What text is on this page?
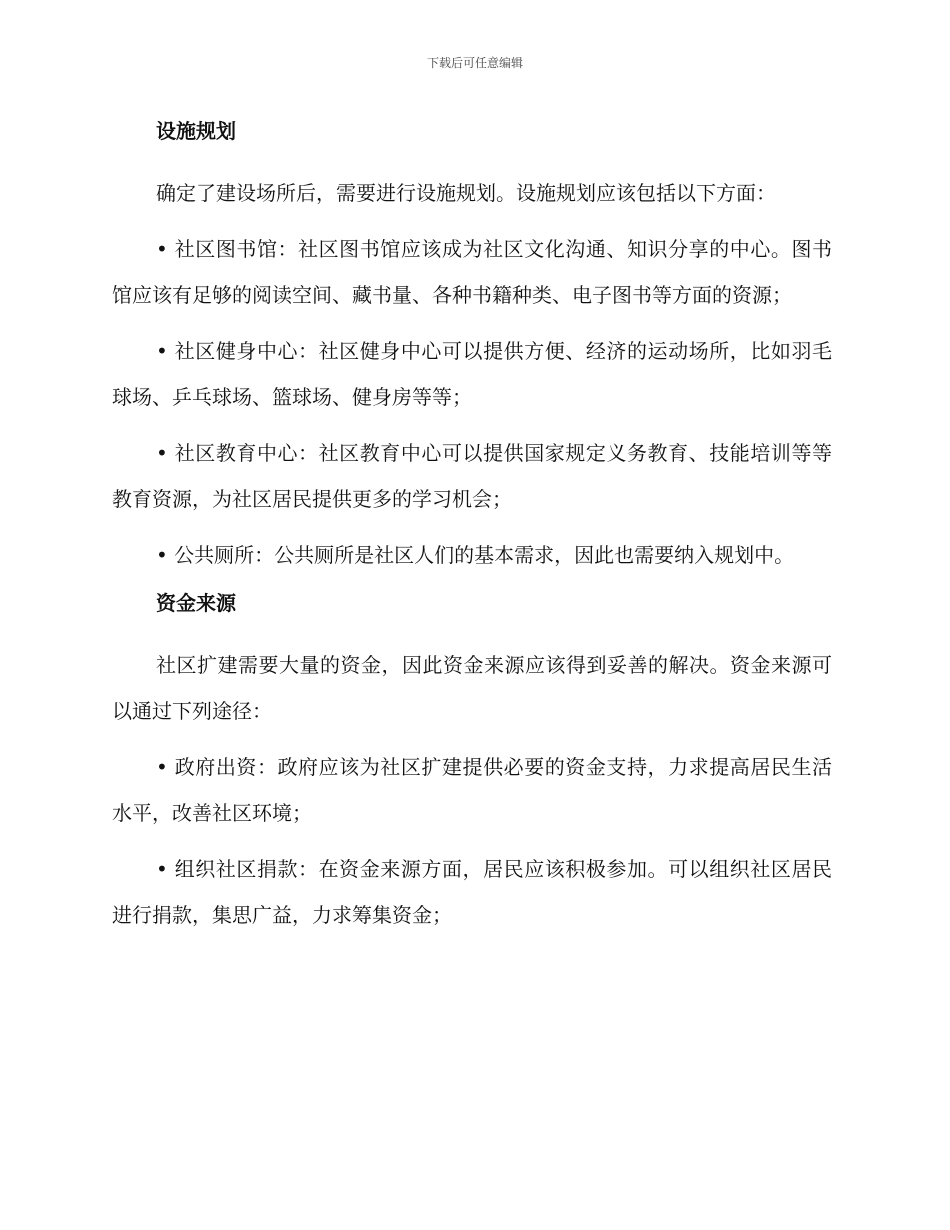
下载后可任意编辑
设施规划

确定了建设场所后，需要进行设施规划。设施规划应该包括以下方面：

• 社区图书馆：社区图书馆应该成为社区文化沟通、知识分享的中心。图书馆应该有足够的阅读空间、藏书量、各种书籍种类、电子图书等方面的资源；

• 社区健身中心：社区健身中心可以提供方便、经济的运动场所，比如羽毛球场、乒乓球场、篮球场、健身房等等；

• 社区教育中心：社区教育中心可以提供国家规定义务教育、技能培训等等教育资源，为社区居民提供更多的学习机会；

• 公共厕所：公共厕所是社区人们的基本需求，因此也需要纳入规划中。

资金来源

社区扩建需要大量的资金，因此资金来源应该得到妥善的解决。资金来源可以通过下列途径：

• 政府出资：政府应该为社区扩建提供必要的资金支持，力求提高居民生活水平，改善社区环境；

• 组织社区捐款：在资金来源方面，居民应该积极参加。可以组织社区居民进行捐款，集思广益，力求筹集资金；
